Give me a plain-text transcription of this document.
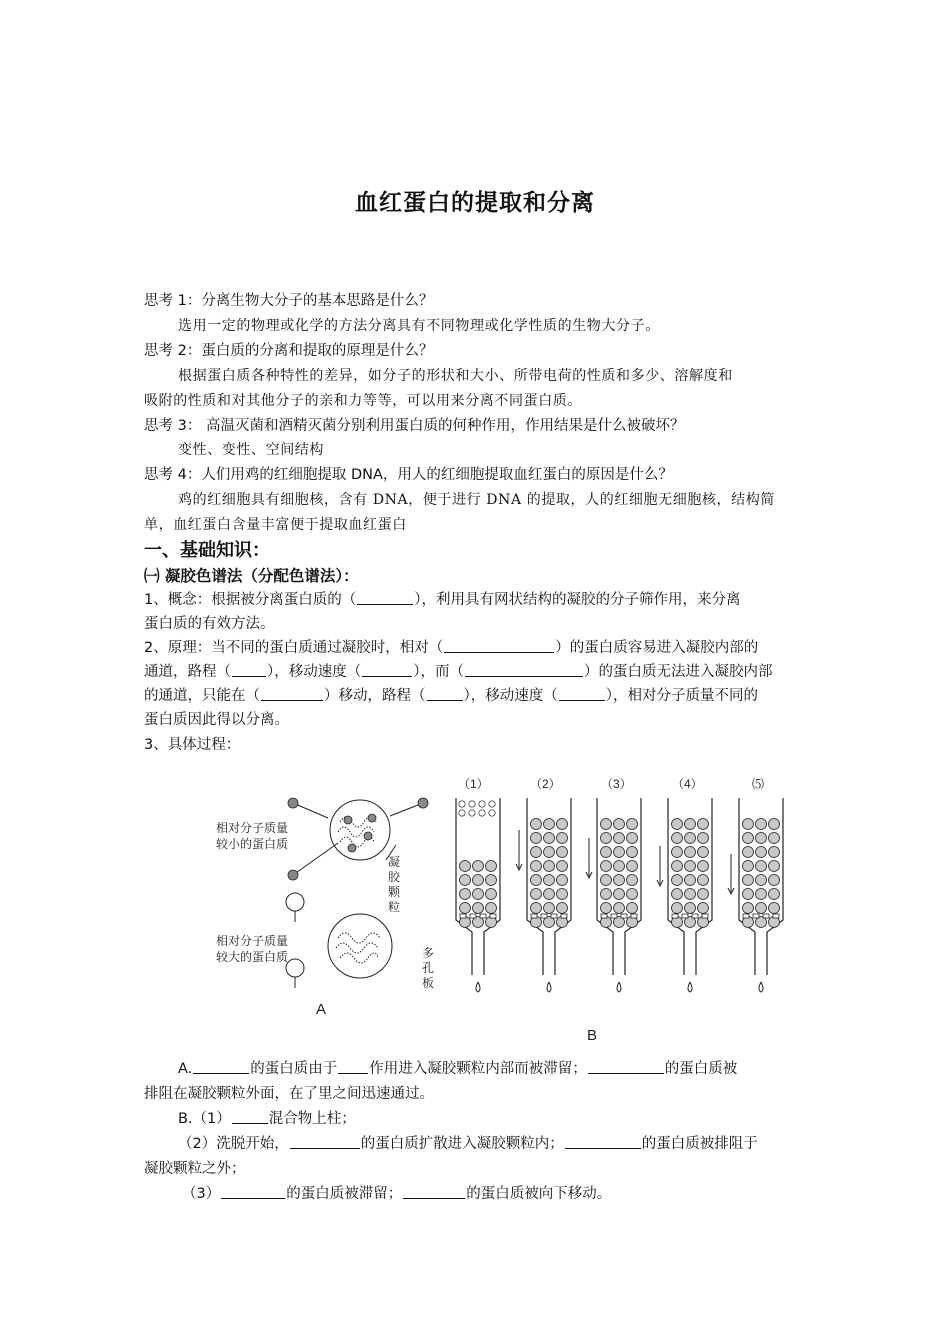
血红蛋白的提取和分离
思考 1：分离生物大分子的基本思路是什么？
选用一定的物理或化学的方法分离具有不同物理或化学性质的生物大分子。
思考 2：蛋白质的分离和提取的原理是什么？
根据蛋白质各种特性的差异，如分子的形状和大小、所带电荷的性质和多少、溶解度和
吸附的性质和对其他分子的亲和力等等，可以用来分离不同蛋白质。
思考 3： 高温灭菌和酒精灭菌分别利用蛋白质的何种作用，作用结果是什么被破坏？
变性、变性、空间结构
思考 4：人们用鸡的红细胞提取 DNA，用人的红细胞提取血红蛋白的原因是什么？
鸡的红细胞具有细胞核，含有 DNA，便于进行 DNA 的提取，人的红细胞无细胞核，结构简
单，血红蛋白含量丰富便于提取血红蛋白
一、基础知识：
㈠ 凝胶色谱法（分配色谱法）：
1、概念：根据被分离蛋白质的（	），利用具有网状结构的凝胶的分子筛作用，来分离
蛋白质的有效方法。
2、原理：当不同的蛋白质通过凝胶时，相对（	）的蛋白质容易进入凝胶内部的
通道，路程（ ），移动速度（	），而（	）的蛋白质无法进入凝胶内部
的通道，只能在（	）移动，路程（	），移动速度（	），相对分子质量不同的
蛋白质因此得以分离。
3、具体过程：
相对分子质量
较小的蛋白质
相对分子质量
较大的蛋白质
凝
胶
颗
粒
多
孔
板
A
B
（1）	（2）	（3）	（4）	⑸
A.	的蛋白质由于 作用进入凝胶颗粒内部而被滞留；	的蛋白质被
排阻在凝胶颗粒外面，在了里之间迅速通过。
B.（1）	混合物上柱；
（2）洗脱开始，	的蛋白质扩散进入凝胶颗粒内；	的蛋白质被排阻于
凝胶颗粒之外；
（3）	的蛋白质被滞留；	的蛋白质被向下移动。
